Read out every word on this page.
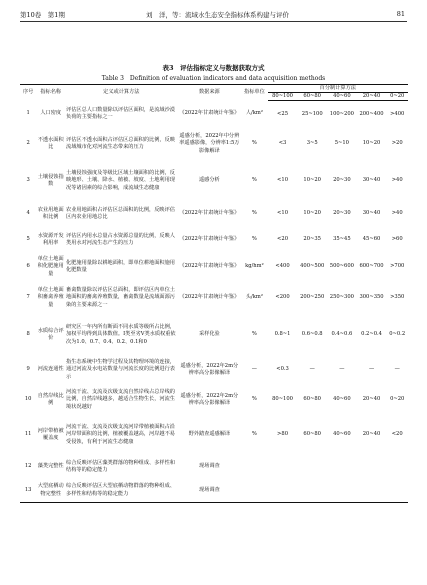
第10卷　第1期	刘　洋，等：流域水生态安全指标体系构建与评价	81
表3　评估指标定义与数据获取方式
Table 3　Definition of evaluation indicators and data acquisition methods
序号	指标名称	定义或计算方法	数据来源	指标单位	百分制计算方法				
					80~100	60~80	40~60	20~40	0~20
1	人口密度	评估区总人口数量除以评估区面积，是流域沙漠负荷的主要指标之一	《2022年甘肃统计年鉴》	人/km²	<25	25~100	100~200	200~400	>400
2	不透水面积比	评估区不透水面积占评估区总面积的比例，反映流域城市化对河流生态带来的压力	遥感分析，2022年中分辨率遥感影像，分辨率1:5万影像解译	%	<3	3~5	5~10	10~20	>20
3	土壤侵蚀指数	土壤侵蚀强度及等级比区域土壤面积的比例，反映地形、土壤、降水、植被、坡度、土地利用现况等诸因素的综合影响，成流域生态健康	遥感分析	%	<10	10~20	20~30	30~40	>40
4	农业用地面积比例	农业用地面积占评估区总面积的比例，反映评估区内农业用地总比	《2022年甘肃统计年鉴》	%	<10	10~20	20~30	30~40	>40
5	水资源开发利用率	评估区内用水总量占水资源总量的比例，反映人类用水对河流生态产生的压力	《2022年甘肃统计年鉴》	%	<20	20~35	35~45	45~60	>60
6	单位土地面积化肥施用量	化肥施用量除以耕地面积，即单位耕地面积施用化肥数量	《2022年甘肃统计年鉴》	kg/hm²	<400	400~500	500~600	600~700	>700
7	单位土地面积畜禽养殖量	畜禽数量除以评估区总面积，即评估区内单位土地面积的畜禽养殖数量，畜禽数量是流域面源污染的主要来源之一	《2022年甘肃统计年鉴》	头/km²	<200	200~250	250~300	300~350	>350
8	水质综合评价	研究区一年内所有断面不同水质等级所占比例，加权平均得到具体数值。Ⅰ类至劣Ⅴ类水质权重依次为1.0、0.7、0.4、0.2、0.1和0	采样化验	%	0.8~1	0.6~0.8	0.4~0.6	0.2~0.4	0~0.2
9	河流连通性	指生态系统中生物学过程及其物理环境的连接，通过河流及水电站数量与河流长度的比例进行表示	遥感分析，2022年2m分辨率高分影像解译	—	<0.3	—	—	—	—
10	自然岸线比例	河流干流、支流及次级支流自然岸线占总岸线的比例，自然岸线越多，越适合生物生长，河流生境状况越好	遥感分析，2022年2m分辨率高分影像解译	%	80~100	60~80	40~60	20~40	0~20
11	河岸带植被覆盖度	河流干流、支流及次级支流河岸带植被面积占沿河岸带面积的比例，植被覆盖越高，河岸越不易受侵蚀，有利于河流生态健康	野外踏查遥感解译	%	>80	60~80	40~60	20~40	<20
12	藻类完整性	综合反映评估区藻类群落的物种组成、多样性和结构等的稳定能力	现场调查						
13	大型底栖动物完整性	综合反映评估区大型底栖动物群落的物种组成、多样性和结构等的稳定能力	现场调查						
